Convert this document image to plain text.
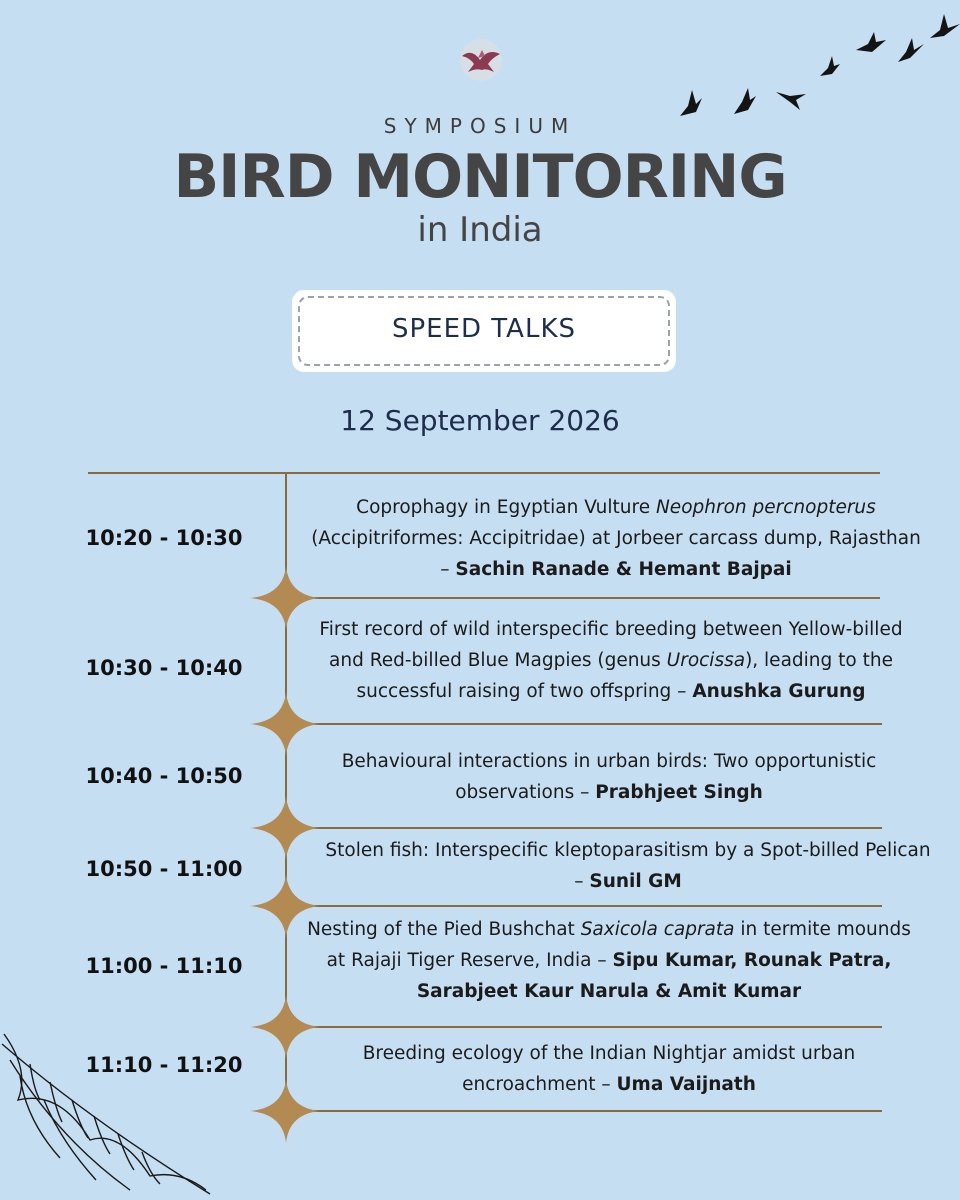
SYMPOSIUM
BIRD MONITORING
in India
SPEED TALKS
12 September 2026
10:20 - 10:30
Coprophagy in Egyptian Vulture Neophron percnopterus
(Accipitriformes: Accipitridae) at Jorbeer carcass dump, Rajasthan
– Sachin Ranade & Hemant Bajpai
10:30 - 10:40
First record of wild interspecific breeding between Yellow-billed
and Red-billed Blue Magpies (genus Urocissa), leading to the
successful raising of two offspring – Anushka Gurung
10:40 - 10:50
Behavioural interactions in urban birds: Two opportunistic
observations – Prabhjeet Singh
10:50 - 11:00
Stolen fish: Interspecific kleptoparasitism by a Spot-billed Pelican
– Sunil GM
11:00 - 11:10
Nesting of the Pied Bushchat Saxicola caprata in termite mounds
at Rajaji Tiger Reserve, India – Sipu Kumar, Rounak Patra,
Sarabjeet Kaur Narula & Amit Kumar
11:10 - 11:20	Breeding ecology of the Indian Nightjar amidst urban
encroachment – Uma Vaijnath
